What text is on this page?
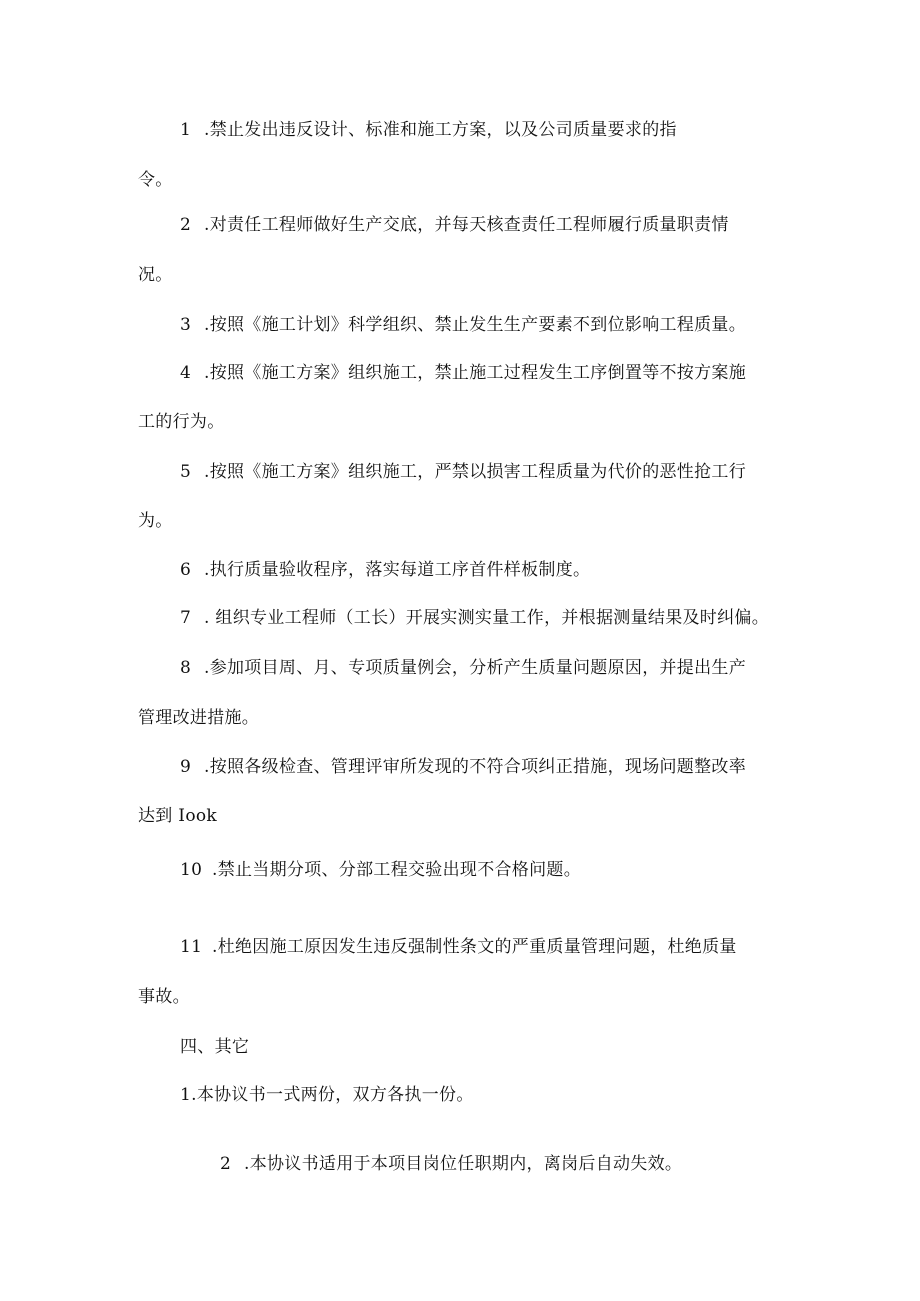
1 .禁止发出违反设计、标准和施工方案，以及公司质量要求的指
令。
2 .对责任工程师做好生产交底，并每天核查责任工程师履行质量职责情
况。
3 .按照《施工计划》科学组织、禁止发生生产要素不到位影响工程质量。
4 .按照《施工方案》组织施工，禁止施工过程发生工序倒置等不按方案施
工的行为。
5 .按照《施工方案》组织施工，严禁以损害工程质量为代价的恶性抢工行
为。
6 .执行质量验收程序，落实每道工序首件样板制度。
7 . 组织专业工程师（工长）开展实测实量工作，并根据测量结果及时纠偏。
8 .参加项目周、月、专项质量例会，分析产生质量问题原因，并提出生产
管理改进措施。
9 .按照各级检查、管理评审所发现的不符合项纠正措施，现场问题整改率
达到 Iook
10 .禁止当期分项、分部工程交验出现不合格问题。
11 .杜绝因施工原因发生违反强制性条文的严重质量管理问题，杜绝质量
事故。
四、其它
1.本协议书一式两份，双方各执一份。
2 .本协议书适用于本项目岗位任职期内，离岗后自动失效。
